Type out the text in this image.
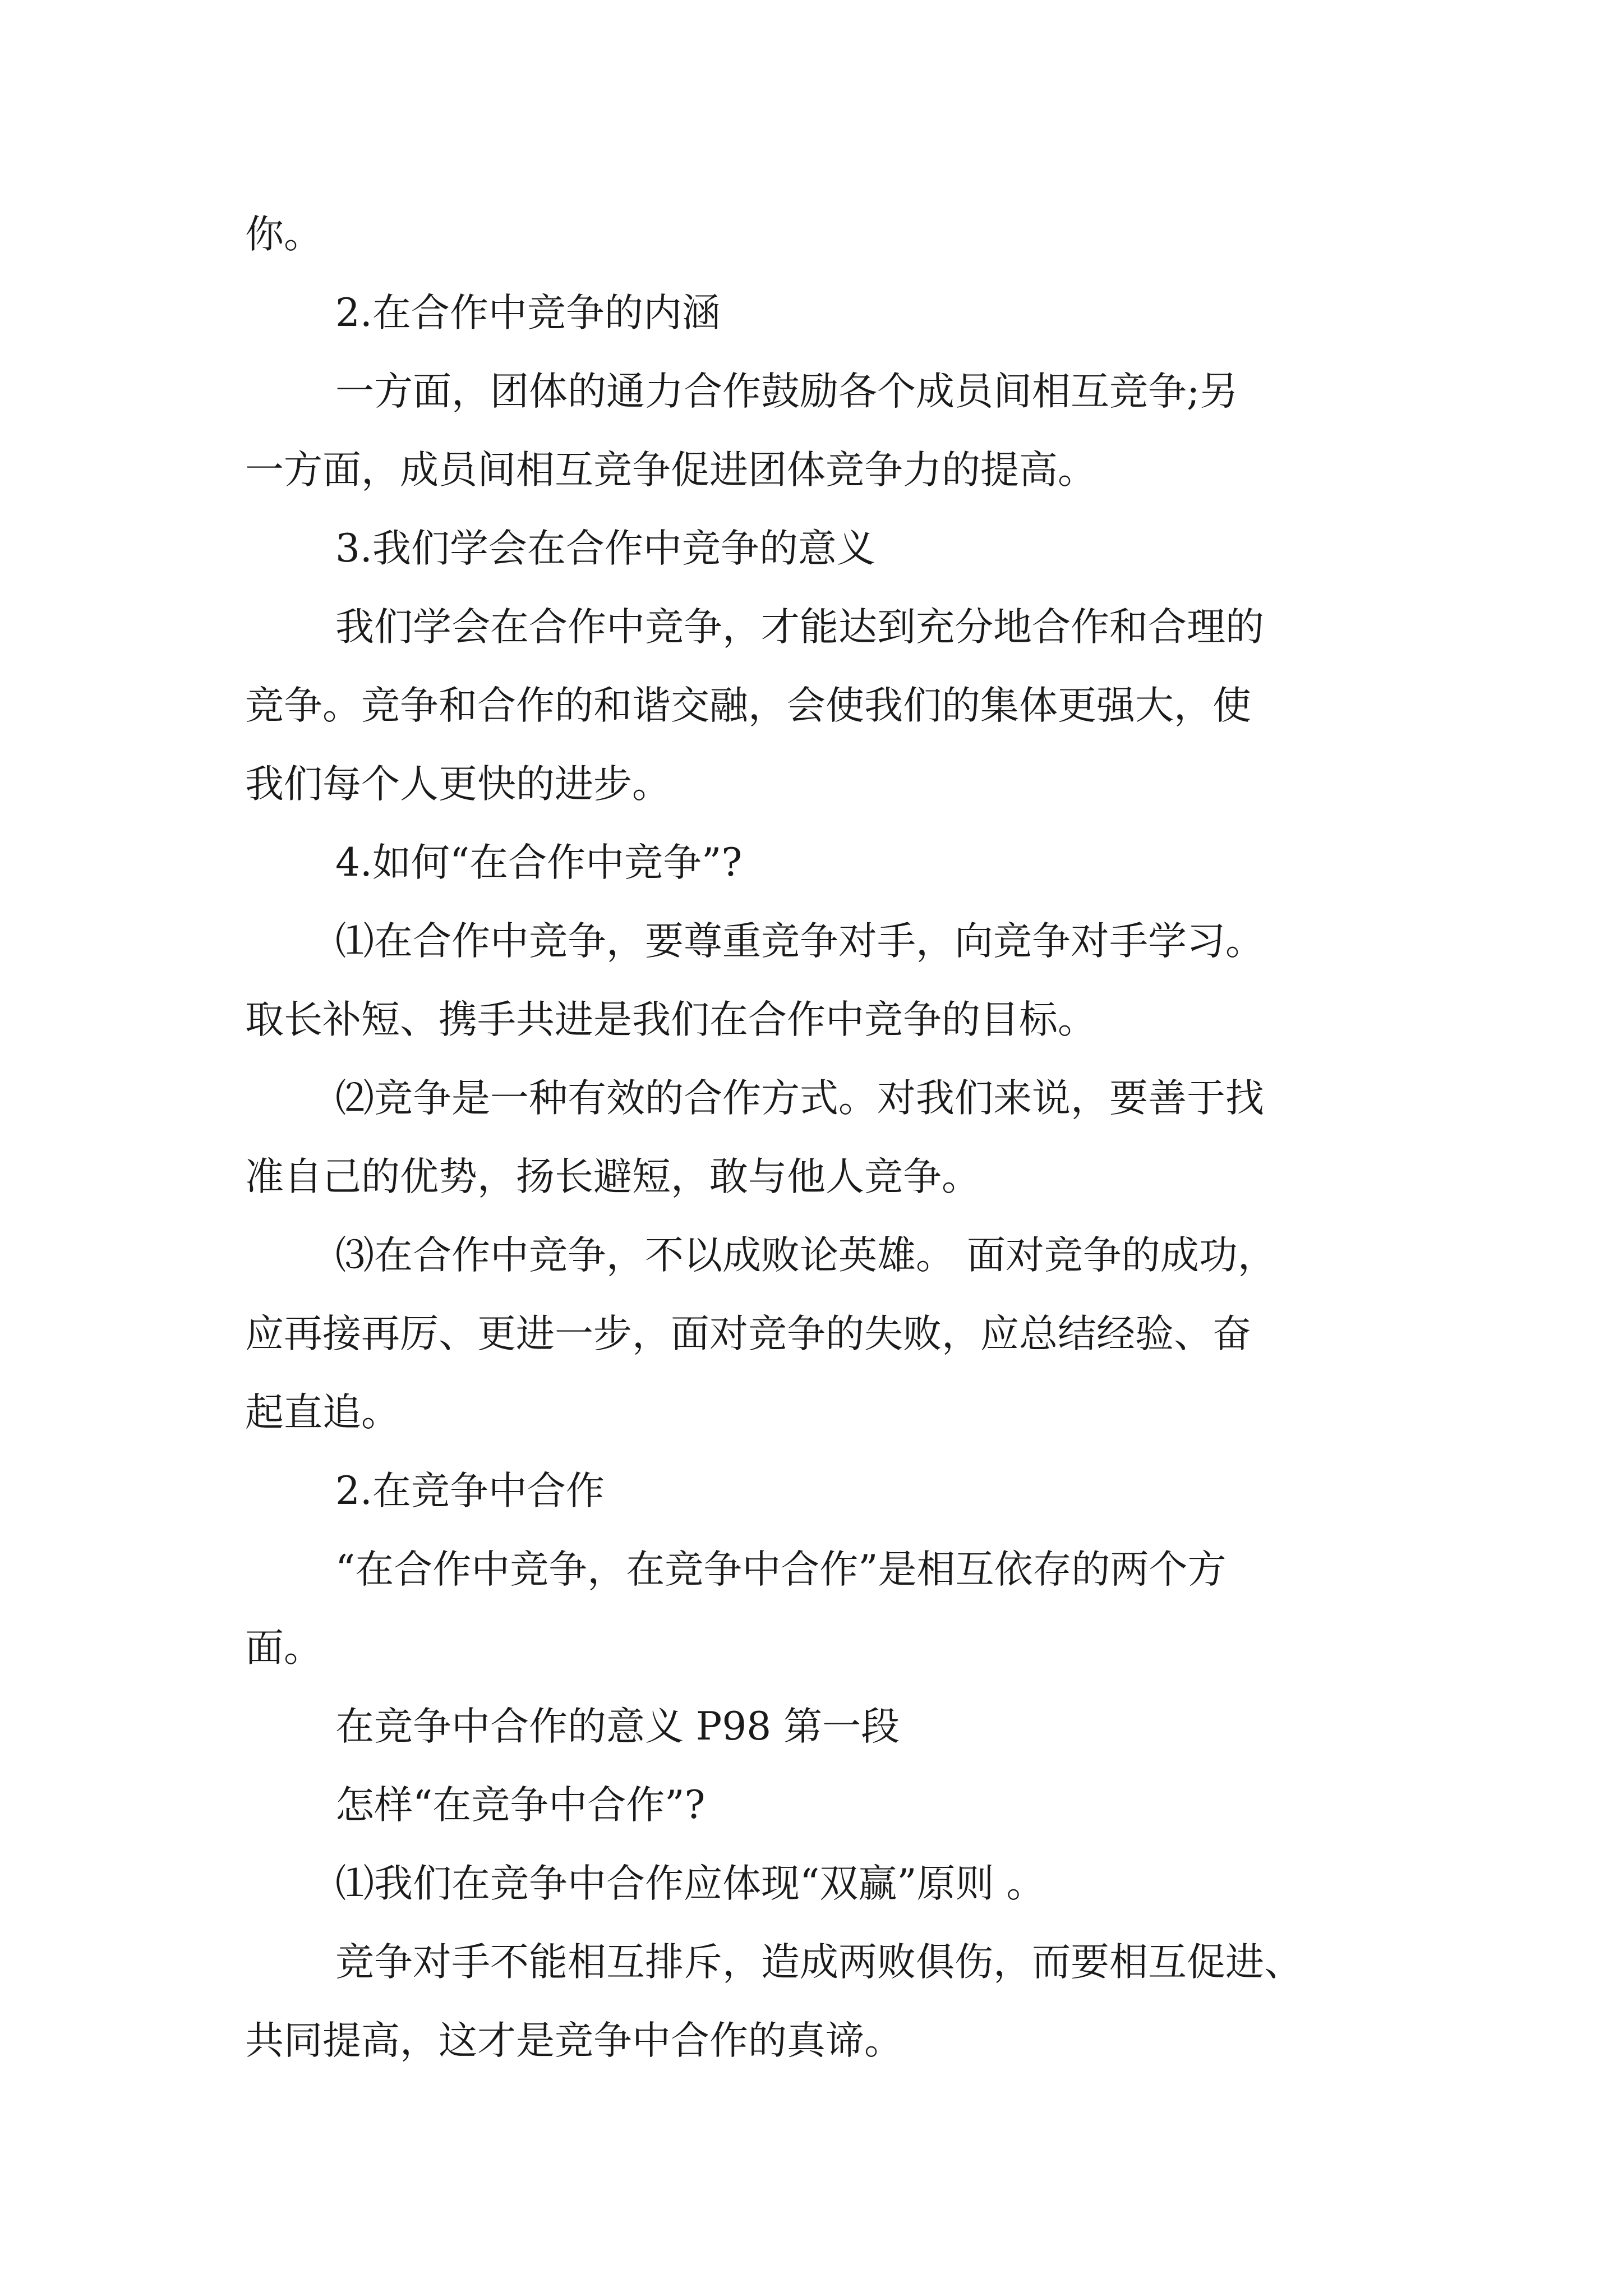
你。
2.在合作中竞争的内涵
一方面，团体的通力合作鼓励各个成员间相互竞争;另
一方面，成员间相互竞争促进团体竞争力的提高。
3.我们学会在合作中竞争的意义
我们学会在合作中竞争，才能达到充分地合作和合理的
竞争。竞争和合作的和谐交融，会使我们的集体更强大，使
我们每个人更快的进步。
4.如何“在合作中竞争”?
⑴在合作中竞争，要尊重竞争对手，向竞争对手学习。
取长补短、携手共进是我们在合作中竞争的目标。
⑵竞争是一种有效的合作方式。对我们来说，要善于找
准自己的优势，扬长避短，敢与他人竞争。
⑶在合作中竞争，不以成败论英雄。 面对竞争的成功，
应再接再厉、更进一步，面对竞争的失败，应总结经验、奋
起直追。
2.在竞争中合作
“在合作中竞争，在竞争中合作”是相互依存的两个方
面。
在竞争中合作的意义 P98 第一段
怎样“在竞争中合作”?
⑴我们在竞争中合作应体现“双赢”原则 。
竞争对手不能相互排斥，造成两败俱伤，而要相互促进、
共同提高，这才是竞争中合作的真谛。
